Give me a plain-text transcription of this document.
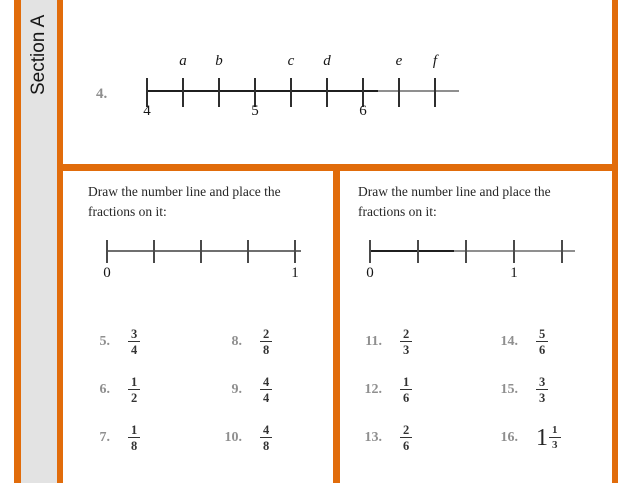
Section A	4.
4
a b
5
c d
6
e f
Draw the number line and place the fractions on it:
0	1
5. $\frac{3}{4}$
6. $\frac{1}{2}$
7. $\frac{1}{8}$
8. $\frac{2}{8}$
9. $\frac{4}{4}$
10. $\frac{4}{8}$
Draw the number line and place the fractions on it:
0	1
11. $\frac{2}{3}$
12. $\frac{1}{6}$
13. $\frac{2}{6}$
14. $\frac{5}{6}$
15. $\frac{3}{3}$
16. $1 \frac{1}{3}$
